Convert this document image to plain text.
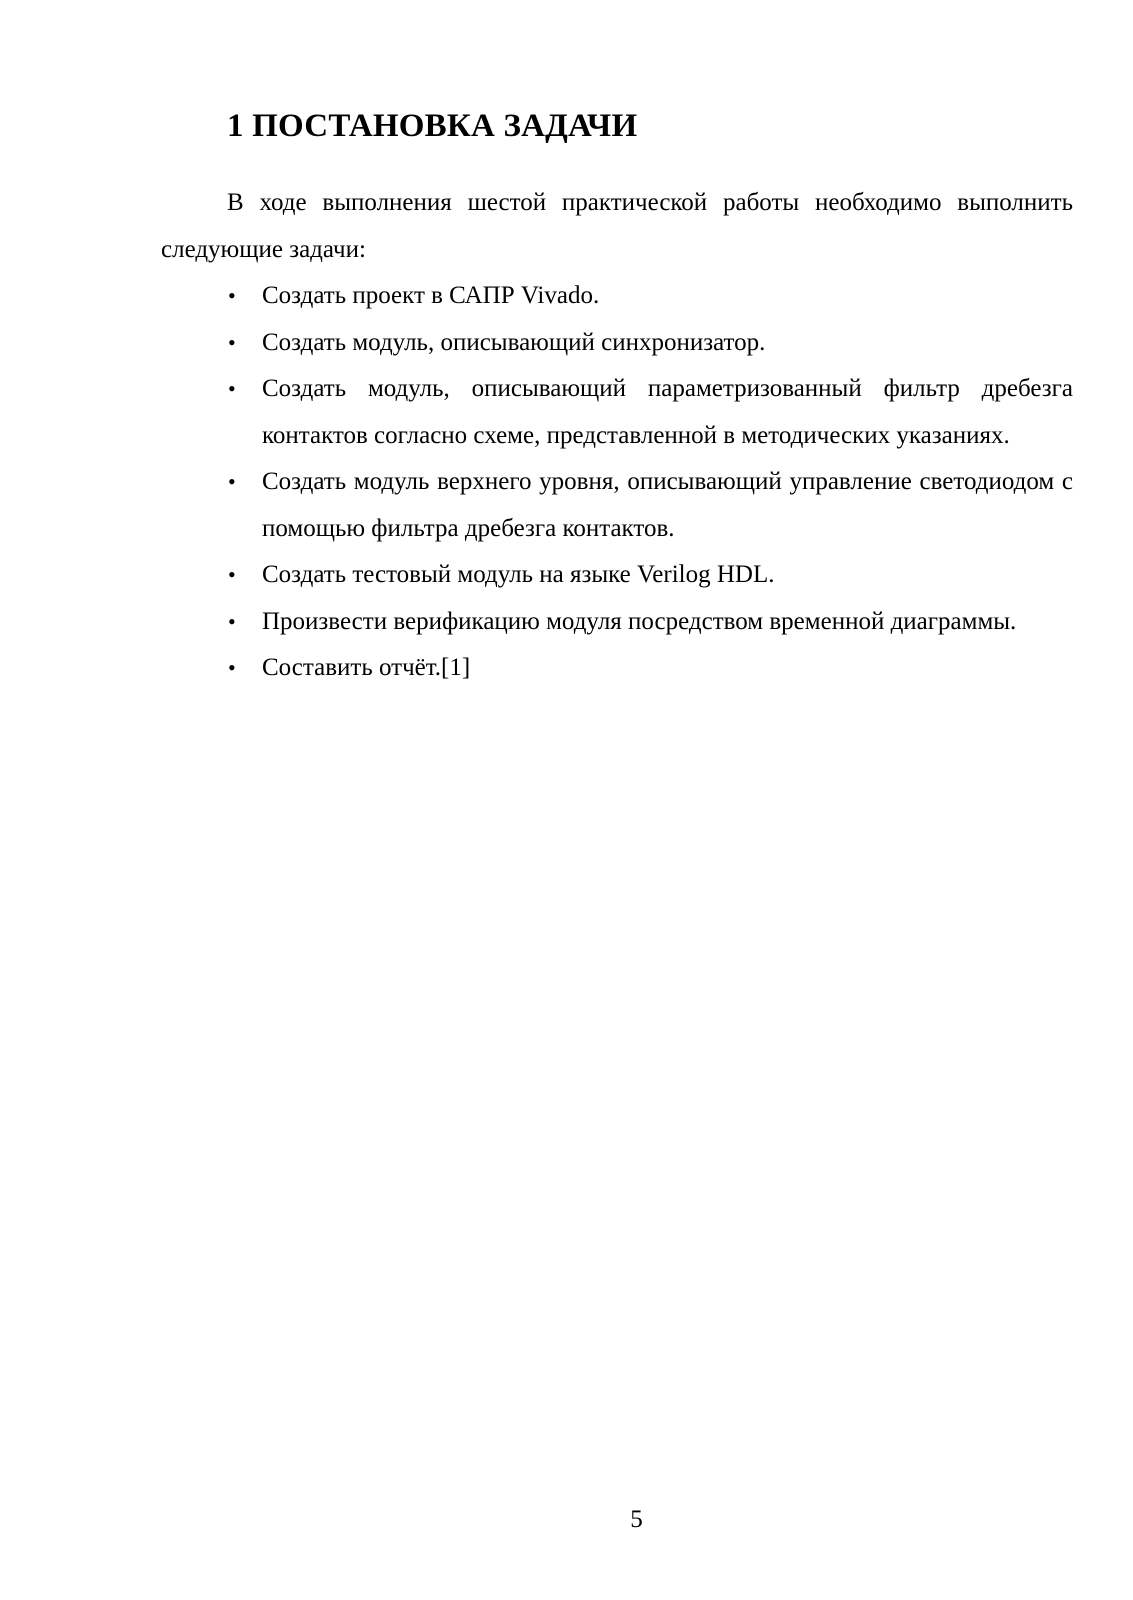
1 ПОСТАНОВКА ЗАДАЧИ

В ходе выполнения шестой практической работы необходимо выполнить следующие задачи:

• Создать проект в САПР Vivado.
• Создать модуль, описывающий синхронизатор.
• Создать модуль, описывающий параметризованный фильтр дребезга контактов согласно схеме, представленной в методических указаниях.
• Создать модуль верхнего уровня, описывающий управление светодиодом с помощью фильтра дребезга контактов.
• Создать тестовый модуль на языке Verilog HDL.
• Произвести верификацию модуля посредством временной диаграммы.
• Составить отчёт.[1]
5
